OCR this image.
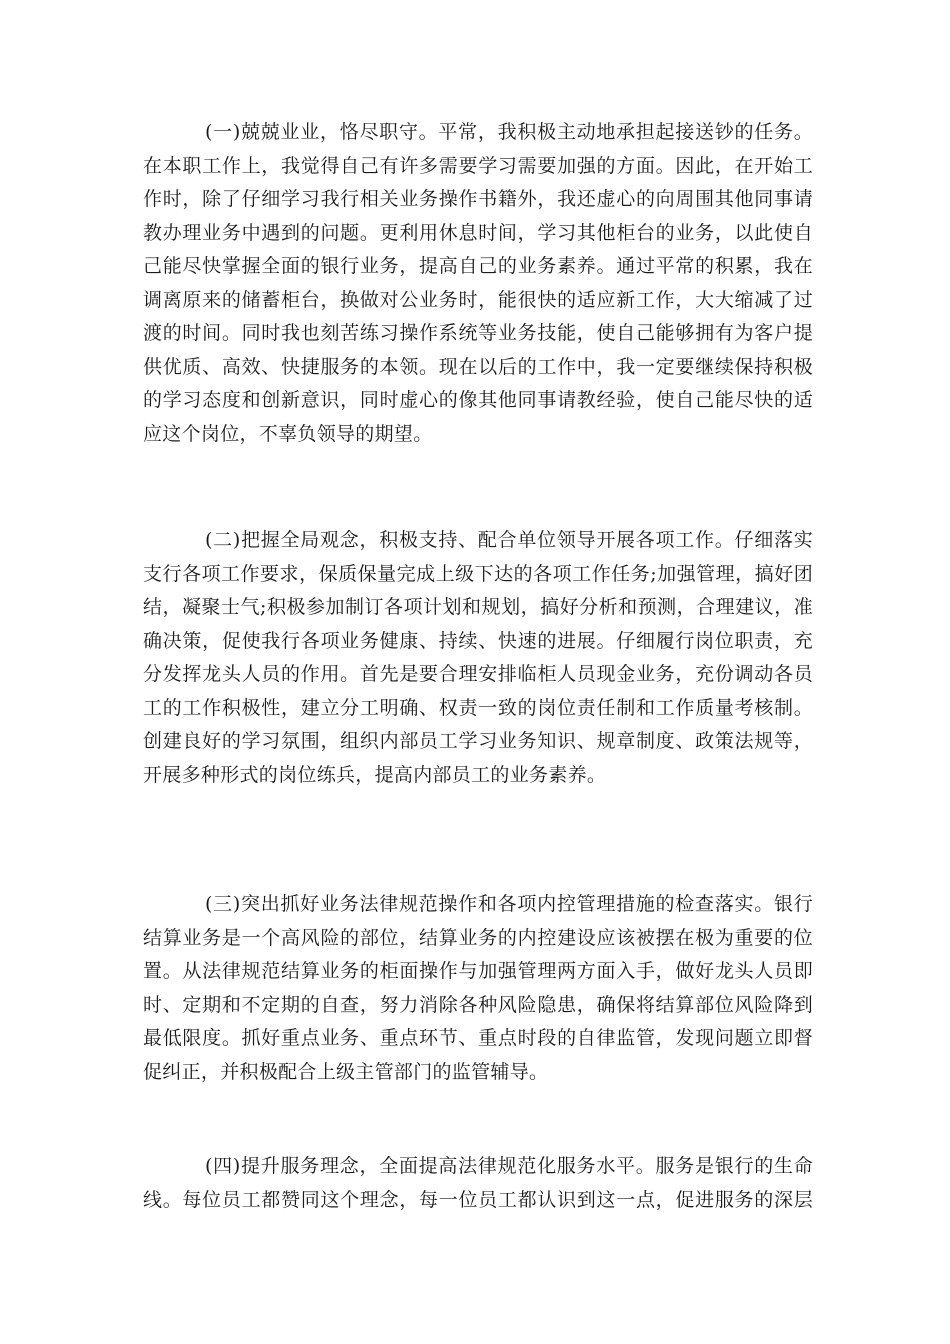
(一)兢兢业业，恪尽职守。平常，我积极主动地承担起接送钞的任务。
在本职工作上，我觉得自己有许多需要学习需要加强的方面。因此，在开始工
作时，除了仔细学习我行相关业务操作书籍外，我还虚心的向周围其他同事请
教办理业务中遇到的问题。更利用休息时间，学习其他柜台的业务，以此使自
己能尽快掌握全面的银行业务，提高自己的业务素养。通过平常的积累，我在
调离原来的储蓄柜台，换做对公业务时，能很快的适应新工作，大大缩减了过
渡的时间。同时我也刻苦练习操作系统等业务技能，使自己能够拥有为客户提
供优质、高效、快捷服务的本领。现在以后的工作中，我一定要继续保持积极
的学习态度和创新意识，同时虚心的像其他同事请教经验，使自己能尽快的适
应这个岗位，不辜负领导的期望。
(二)把握全局观念，积极支持、配合单位领导开展各项工作。仔细落实
支行各项工作要求，保质保量完成上级下达的各项工作任务;加强管理，搞好团
结，凝聚士气;积极参加制订各项计划和规划，搞好分析和预测，合理建议，准
确决策，促使我行各项业务健康、持续、快速的进展。仔细履行岗位职责，充
分发挥龙头人员的作用。首先是要合理安排临柜人员现金业务，充份调动各员
工的工作积极性，建立分工明确、权责一致的岗位责任制和工作质量考核制。
创建良好的学习氛围，组织内部员工学习业务知识、规章制度、政策法规等，
开展多种形式的岗位练兵，提高内部员工的业务素养。
(三)突出抓好业务法律规范操作和各项内控管理措施的检查落实。银行
结算业务是一个高风险的部位，结算业务的内控建设应该被摆在极为重要的位
置。从法律规范结算业务的柜面操作与加强管理两方面入手，做好龙头人员即
时、定期和不定期的自查，努力消除各种风险隐患，确保将结算部位风险降到
最低限度。抓好重点业务、重点环节、重点时段的自律监管，发现问题立即督
促纠正，并积极配合上级主管部门的监管辅导。
(四)提升服务理念，全面提高法律规范化服务水平。服务是银行的生命
线。每位员工都赞同这个理念，每一位员工都认识到这一点，促进服务的深层
